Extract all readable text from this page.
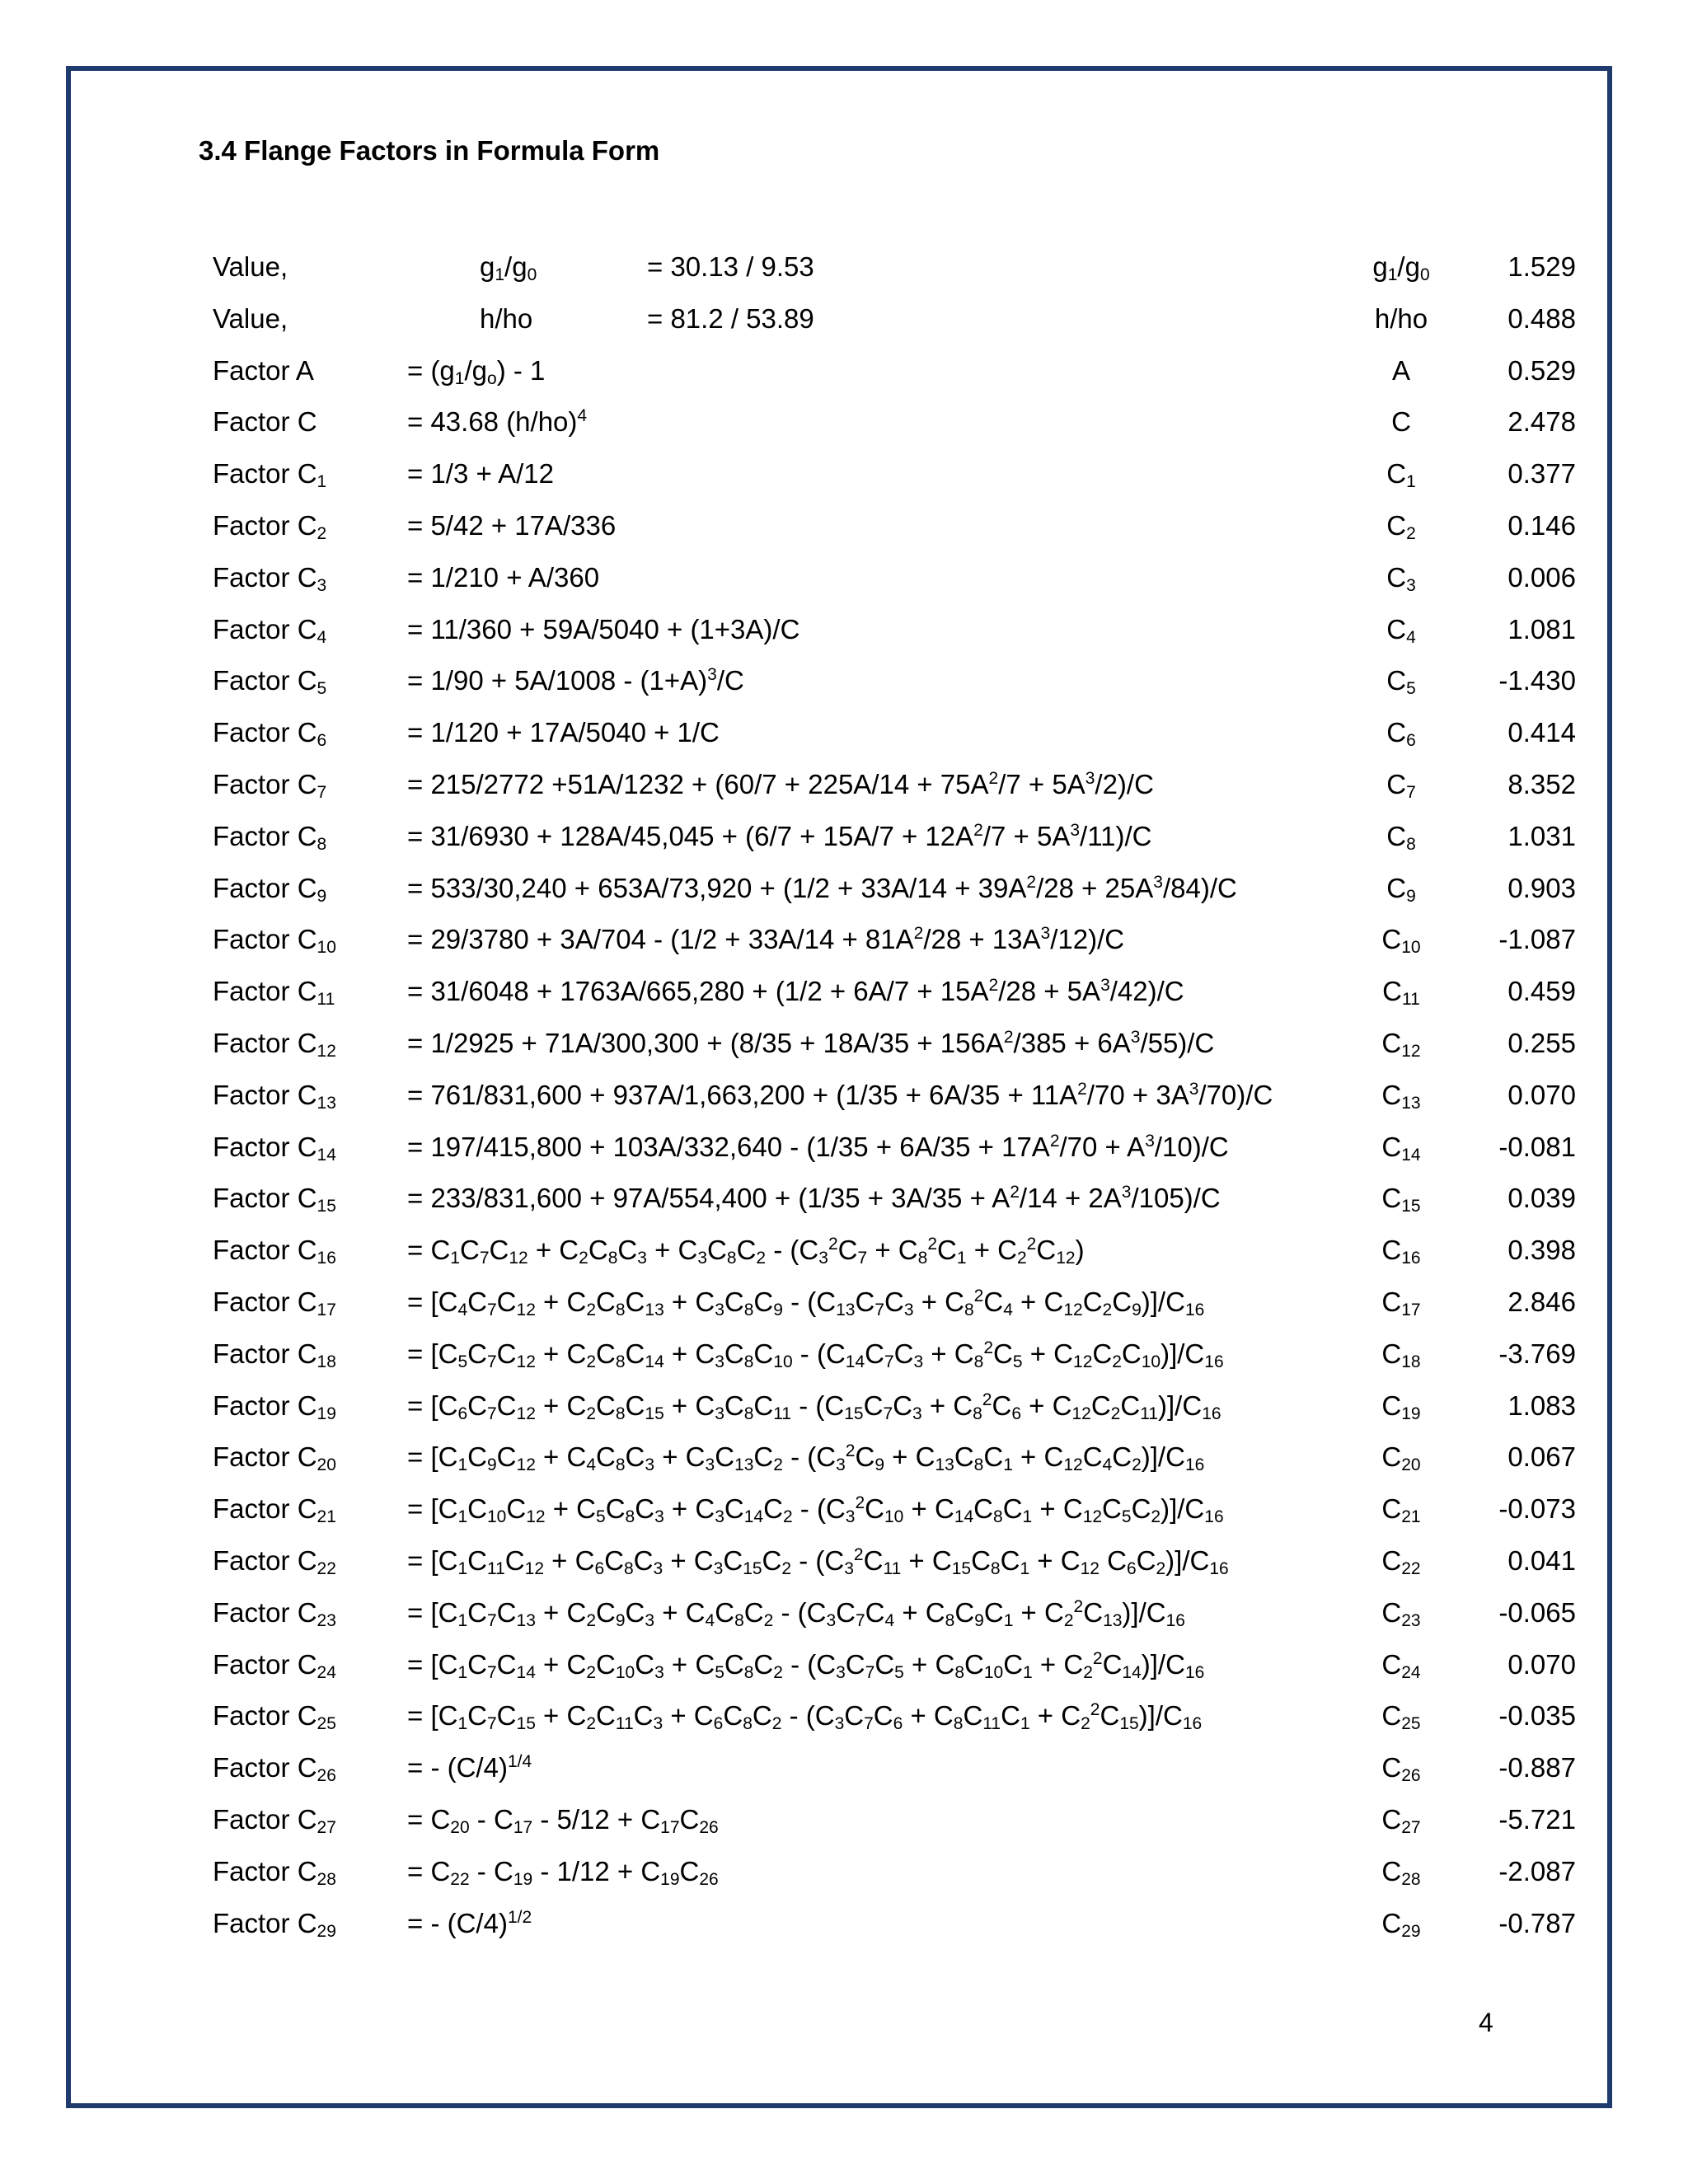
3.4 Flange Factors in Formula Form
Value,	$g_1/g_0$	= 30.13 / 9.53	$g_1/g_0$	1.529
Value,	h/ho	= 81.2 / 53.89	h/ho	0.488
Factor A	= $(g_1/g_o) - 1$	A	0.529
Factor C	= 43.68 $(h/ho)^4$	C	2.478
Factor $C_1$	= 1/3 + A/12	$C_1$	0.377
Factor $C_2$	= 5/42 + 17A/336	$C_2$	0.146
Factor $C_3$	= 1/210 + A/360	$C_3$	0.006
Factor $C_4$	= 11/360 + 59A/5040 + (1+3A)/C	$C_4$	1.081
Factor $C_5$	= $1/90 + 5A/1008 - (1+A)^3/C$	$C_5$	-1.430
Factor $C_6$	= 1/120 + 17A/5040 + 1/C	$C_6$	0.414
Factor $C_7$	= $215/2772 +51A/1232 + (60/7 + 225A/14 + 75A^2/7 + 5A^3/2)/C$	$C_7$	8.352
Factor $C_8$	= $31/6930 + 128A/45,045 + (6/7 + 15A/7 + 12A^2/7 + 5A^3/11)/C$	$C_8$	1.031
Factor $C_9$	= $533/30,240 + 653A/73,920 + (1/2 + 33A/14 + 39A^2/28 + 25A^3/84)/C$	$C_9$	0.903
Factor $C_{10}$	= $29/3780 + 3A/704 - (1/2 + 33A/14 + 81A^2/28 + 13A^3/12)/C$	$C_{10}$	-1.087
Factor $C_{11}$	= $31/6048 + 1763A/665,280 + (1/2 + 6A/7 + 15A^2/28 + 5A^3/42)/C$	$C_{11}$	0.459
Factor $C_{12}$	= $1/2925 + 71A/300,300 + (8/35 + 18A/35 + 156A^2/385 + 6A^3/55)/C$	$C_{12}$	0.255
Factor $C_{13}$	= $761/831,600 + 937A/1,663,200 + (1/35 + 6A/35 + 11A^2/70 + 3A^3/70)/C$	$C_{13}$	0.070
Factor $C_{14}$	= $197/415,800 + 103A/332,640 - (1/35 + 6A/35 + 17A^2/70 + A^3/10)/C$	$C_{14}$	-0.081
Factor $C_{15}$	= $233/831,600 + 97A/554,400 + (1/35 + 3A/35 + A^2/14 + 2A^3/105)/C$	$C_{15}$	0.039
Factor $C_{16}$	= $C_1C_7C_{12} + C_2C_8C_3 + C_3C_8C_2 - (C_3^2C_7 + C_8^2C_1 + C_2^2C_{12})$	$C_{16}$	0.398
Factor $C_{17}$	= $[C_4C_7C_{12} + C_2C_8C_{13} + C_3C_8C_9 - (C_{13}C_7C_3 + C_8^2C_4 + C_{12}C_2C_9)]/C_{16}$	$C_{17}$	2.846
Factor $C_{18}$	= $[C_5C_7C_{12} + C_2C_8C_{14} + C_3C_8C_{10} - (C_{14}C_7C_3 + C_8^2C_5 + C_{12}C_2C_{10})]/C_{16}$	$C_{18}$	-3.769
Factor $C_{19}$	= $[C_6C_7C_{12} + C_2C_8C_{15} + C_3C_8C_{11} - (C_{15}C_7C_3 + C_8^2C_6 + C_{12}C_2C_{11})]/C_{16}$	$C_{19}$	1.083
Factor $C_{20}$	= $[C_1C_9C_{12} + C_4C_8C_3 + C_3C_{13}C_2 - (C_3^2C_9 + C_{13}C_8C_1 + C_{12}C_4C_2)]/C_{16}$	$C_{20}$	0.067
Factor $C_{21}$	= $[C_1C_{10}C_{12} + C_5C_8C_3 + C_3C_{14}C_2 - (C_3^2C_{10} + C_{14}C_8C_1 + C_{12}C_5C_2)]/C_{16}$	$C_{21}$	-0.073
Factor $C_{22}$	= [$C_1C_{11}C_{12} + C_6C_8C_3 + C_3C_{15}C_2 - (C_3^2C_{11} + C_{15}C_8C_1 + C_{12}$ $C_6C_2)]/C_{16}$	$C_{22}$	0.041
Factor $C_{23}$	= $[C_1C_7C_{13} + C_2C_9C_3 + C_4C_8C_2 - (C_3C_7C_4 + C_8C_9C_1 + C_2^2C_{13})]/C_{16}$	$C_{23}$	-0.065
Factor $C_{24}$	= $[C_1C_7C_{14} + C_2C_{10}C_3 + C_5C_8C_2 - (C_3C_7C_5 + C_8C_{10}C_1 + C_2^2C_{14})]/C_{16}$	$C_{24}$	0.070
Factor $C_{25}$	= $[C_1C_7C_{15} + C_2C_{11}C_3 + C_6C_8C_2 - (C_3C_7C_6 + C_8C_{11}C_1 + C_2^2C_{15})]/C_{16}$	$C_{25}$	-0.035
Factor $C_{26}$	= - $(C/4)^{1/4}$	$C_{26}$	-0.887
Factor $C_{27}$	= $C_{20} - C_{17} - 5/12 + C_{17}C_{26}$	$C_{27}$	-5.721
Factor $C_{28}$	= $C_{22} - C_{19} - 1/12 + C_{19}C_{26}$	$C_{28}$	-2.087
Factor $C_{29}$	= - $(C/4)^{1/2}$	$C_{29}$	-0.787
4
